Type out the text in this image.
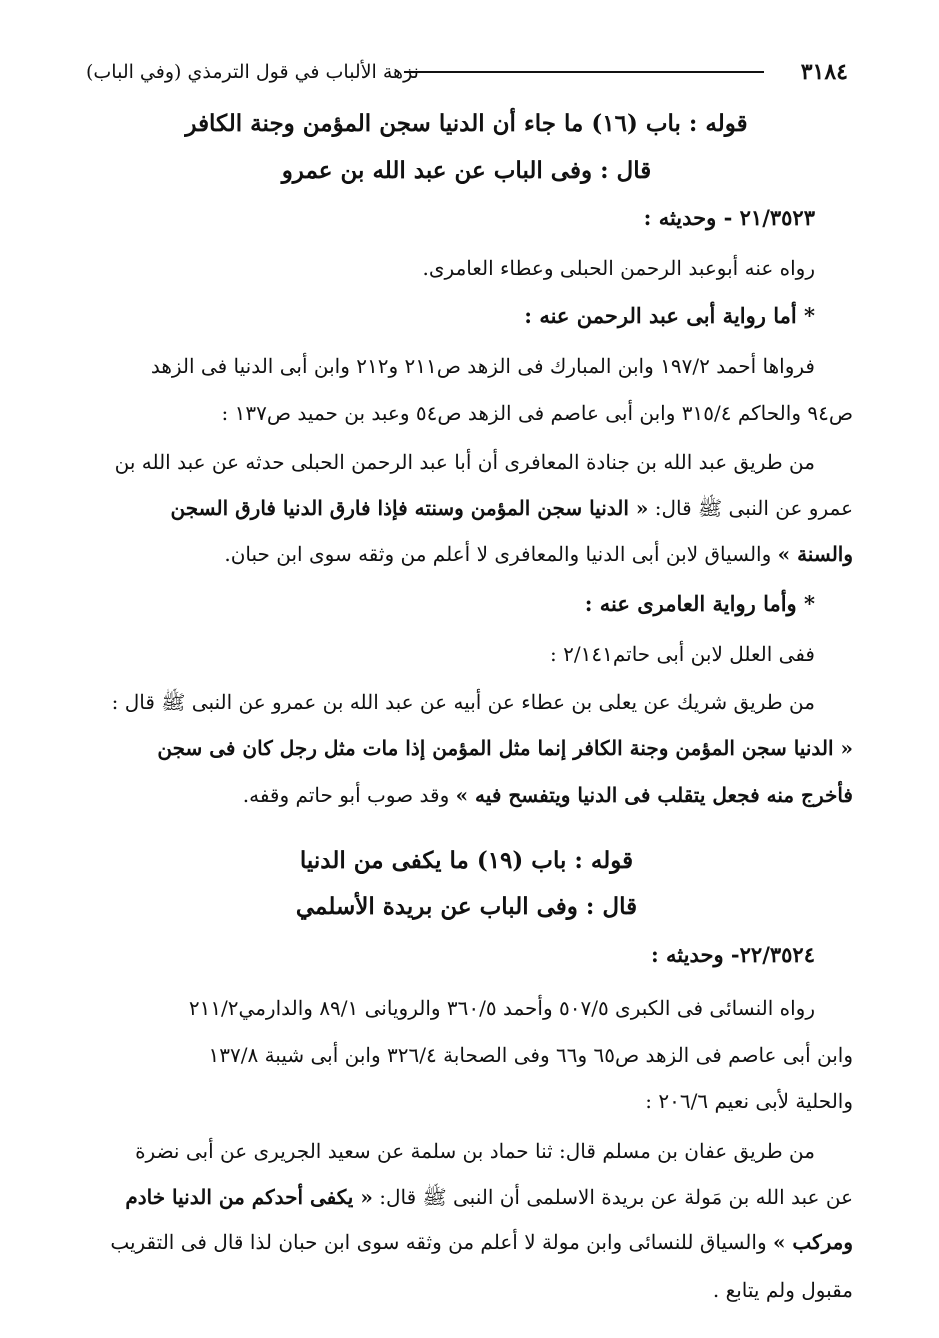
٣١٨٤
نزهة الألباب في قول الترمذي (وفي الباب)
قوله : باب (١٦) ما جاء أن الدنيا سجن المؤمن وجنة الكافر
قال : وفى الباب عن عبد الله بن عمرو
٢١/٣٥٢٣ - وحديثه :
رواه عنه أبوعبد الرحمن الحبلى وعطاء العامرى.
* أما رواية أبى عبد الرحمن عنه :
فرواها أحمد ١٩٧/٢ وابن المبارك فى الزهد ص٢١١ و٢١٢ وابن أبى الدنيا فى الزهد
ص٩٤ والحاكم ٣١٥/٤ وابن أبى عاصم فى الزهد ص٥٤ وعبد بن حميد ص١٣٧ :
من طريق عبد الله بن جنادة المعافرى أن أبا عبد الرحمن الحبلى حدثه عن عبد الله بن
عمرو عن النبى ﷺ قال: « الدنيا سجن المؤمن وسنته فإذا فارق الدنيا فارق السجن
والسنة » والسياق لابن أبى الدنيا والمعافرى لا أعلم من وثقه سوى ابن حبان.
* وأما رواية العامرى عنه :
ففى العلل لابن أبى حاتم٢/١٤١ :
من طريق شريك عن يعلى بن عطاء عن أبيه عن عبد الله بن عمرو عن النبى ﷺ قال :
« الدنيا سجن المؤمن وجنة الكافر إنما مثل المؤمن إذا مات مثل رجل كان فى سجن
فأخرج منه فجعل يتقلب فى الدنيا ويتفسح فيه » وقد صوب أبو حاتم وقفه.
قوله : باب (١٩) ما يكفى من الدنيا
قال : وفى الباب عن بريدة الأسلمي
٢٢/٣٥٢٤- وحديثه :
رواه النسائى فى الكبرى ٥٠٧/٥ وأحمد ٣٦٠/٥ والرويانى ٨٩/١ والدارمي٢١١/٢
وابن أبى عاصم فى الزهد ص٦٥ و٦٦ وفى الصحابة ٣٢٦/٤ وابن أبى شيبة ١٣٧/٨
والحلية لأبى نعيم ٢٠٦/٦ :
من طريق عفان بن مسلم قال: ثنا حماد بن سلمة عن سعيد الجريرى عن أبى نضرة
عن عبد الله بن مَولة عن بريدة الاسلمى أن النبى ﷺ قال: « يكفى أحدكم من الدنيا خادم
ومركب » والسياق للنسائى وابن مولة لا أعلم من وثقه سوى ابن حبان لذا قال فى التقريب
مقبول ولم يتابع .
